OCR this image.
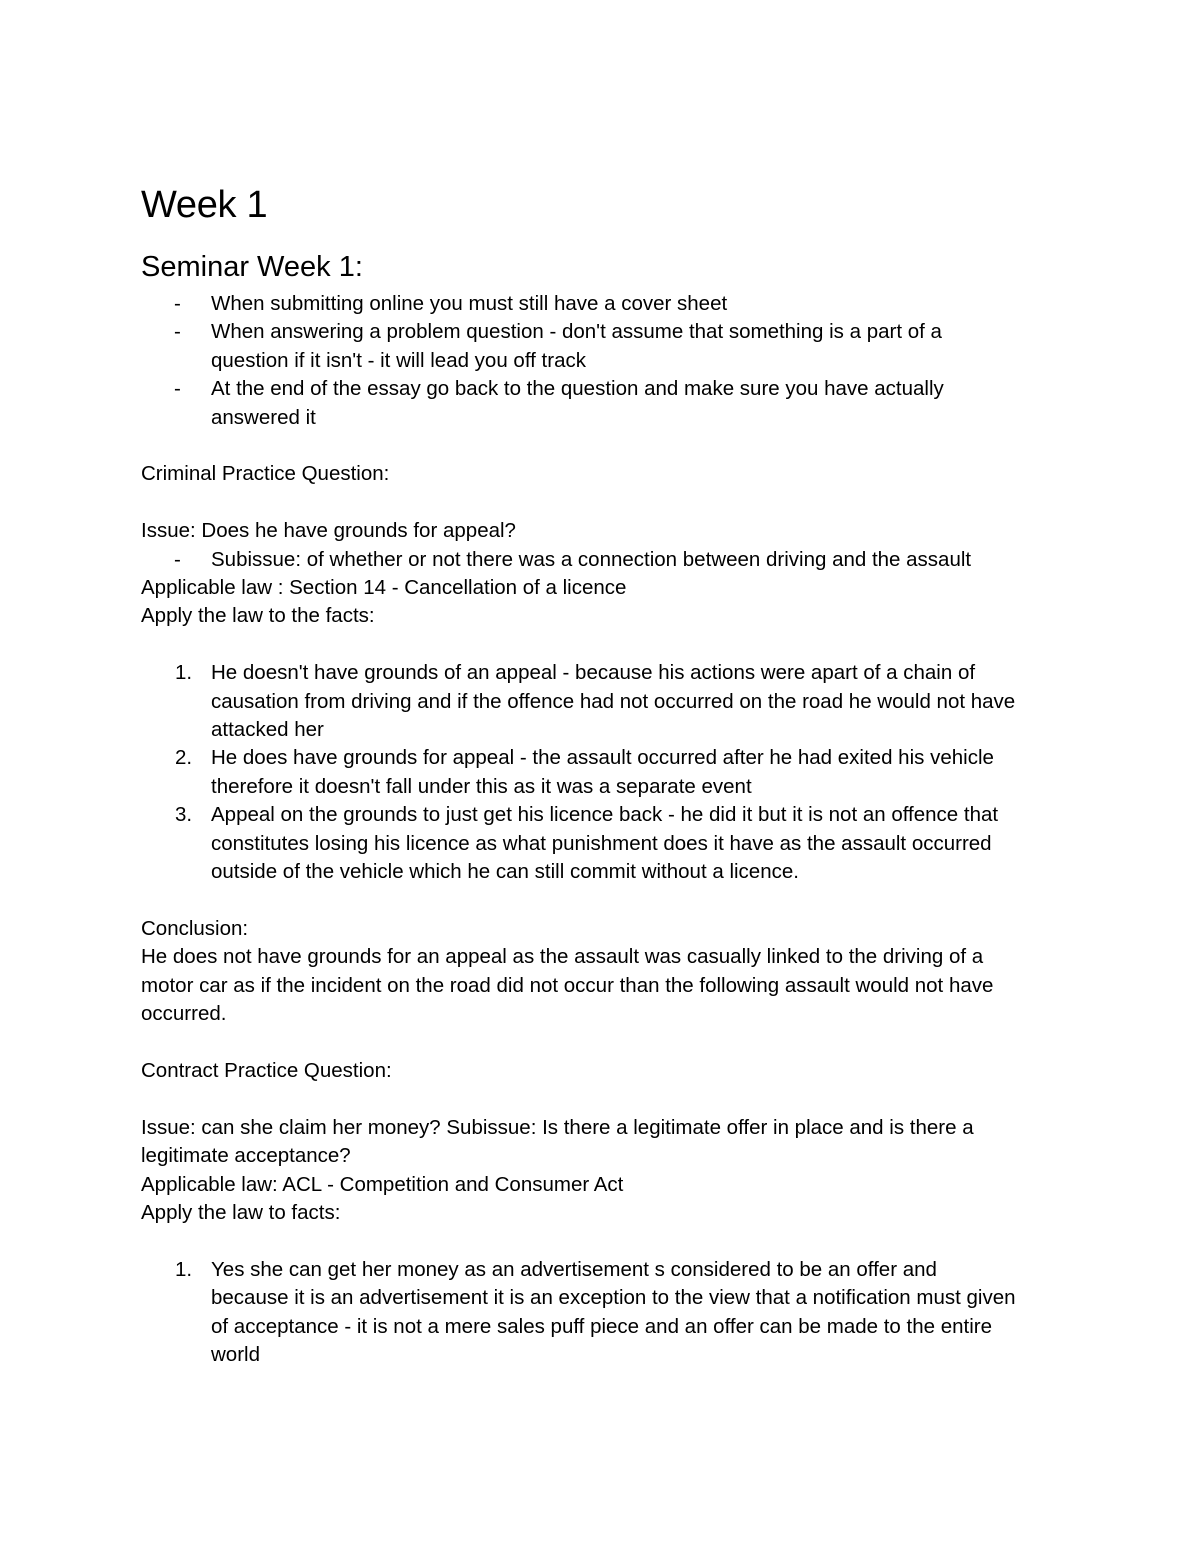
Week 1
Seminar Week 1:
-	When submitting online you must still have a cover sheet
-	When answering a problem question - don't assume that something is a part of a
question if it isn't - it will lead you off track
-	At the end of the essay go back to the question and make sure you have actually
answered it
Criminal Practice Question:
Issue: Does he have grounds for appeal?
-	Subissue: of whether or not there was a connection between driving and the assault
Applicable law : Section 14 - Cancellation of a licence
Apply the law to the facts:
1. He doesn't have grounds of an appeal - because his actions were apart of a chain of
causation from driving and if the offence had not occurred on the road he would not have
attacked her
2. He does have grounds for appeal - the assault occurred after he had exited his vehicle
therefore it doesn't fall under this as it was a separate event
3. Appeal on the grounds to just get his licence back - he did it but it is not an offence that
constitutes losing his licence as what punishment does it have as the assault occurred
outside of the vehicle which he can still commit without a licence.
Conclusion:
He does not have grounds for an appeal as the assault was casually linked to the driving of a
motor car as if the incident on the road did not occur than the following assault would not have
occurred.
Contract Practice Question:
Issue: can she claim her money? Subissue: Is there a legitimate offer in place and is there a
legitimate acceptance?
Applicable law: ACL - Competition and Consumer Act
Apply the law to facts:
1. Yes she can get her money as an advertisement s considered to be an offer and
because it is an advertisement it is an exception to the view that a notification must given
of acceptance - it is not a mere sales puff piece and an offer can be made to the entire
world
